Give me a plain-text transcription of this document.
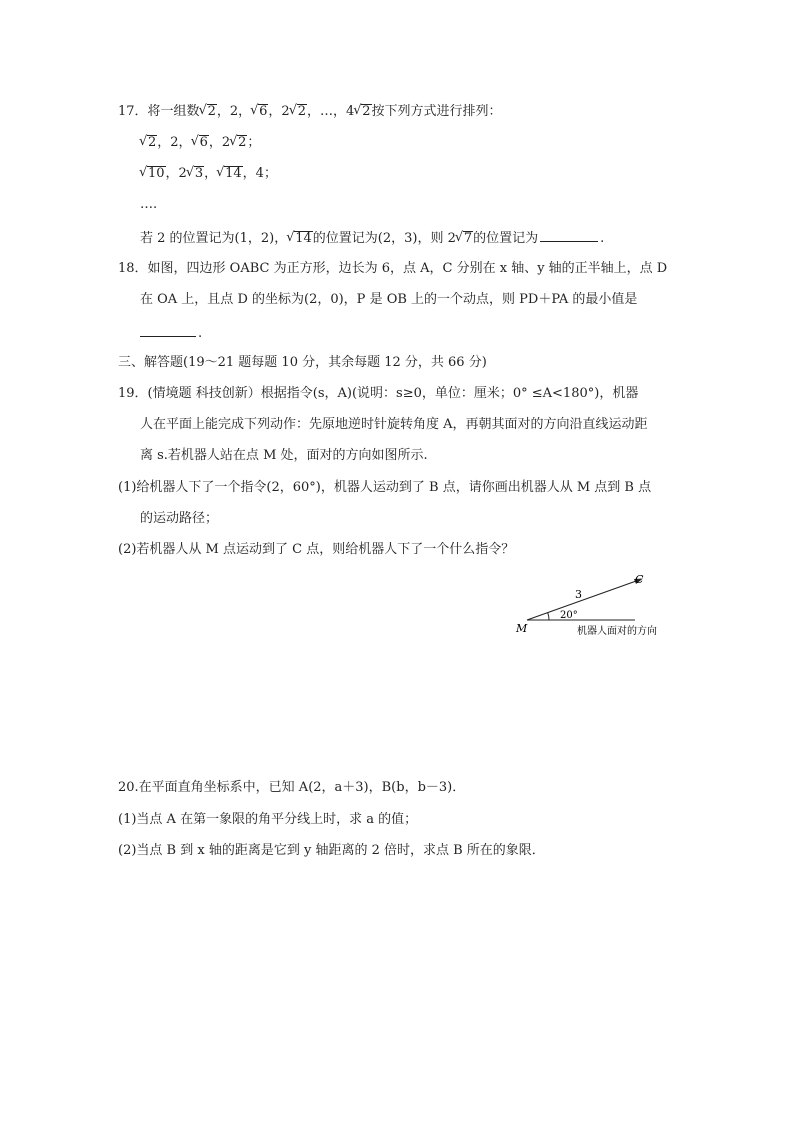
17．将一组数 √ 2，2， √ 6，2 √ 2，…，4 √ 2按下列方式进行排列：
√ 2，2， √ 6，2 √ 2；
√ 10，2 √ 3， √ 14，4；
….
若 2 的位置记为(1，2)， √ 14的位置记为(2，3)，则 2 √ 7的位置记为	.
18．如图，四边形 OABC 为正方形，边长为 6，点 A，C 分别在 x 轴、y 轴的正半轴上，点 D
在 OA 上，且点 D 的坐标为(2，0)，P 是 OB 上的一个动点，则 PD＋PA 的最小值是
.
三、解答题(19～21 题每题 10 分，其余每题 12 分，共 66 分)
19．(情境题 科技创新）根据指令(s，A)(说明：s≥0，单位：厘米；0° ≤A<180°)，机器
人在平面上能完成下列动作：先原地逆时针旋转角度 A，再朝其面对的方向沿直线运动距
离 s.若机器人站在点 M 处，面对的方向如图所示.
(1)给机器人下了一个指令(2，60°)，机器人运动到了 B 点，请你画出机器人从 M 点到 B 点
的运动路径；
(2)若机器人从 M 点运动到了 C 点，则给机器人下了一个什么指令？
C
M
3
20°
机器人面对的方向
20.在平面直角坐标系中，已知 A(2，a＋3)，B(b，b－3)．
(1)当点 A 在第一象限的角平分线上时，求 a 的值；
(2)当点 B 到 x 轴的距离是它到 y 轴距离的 2 倍时，求点 B 所在的象限．
